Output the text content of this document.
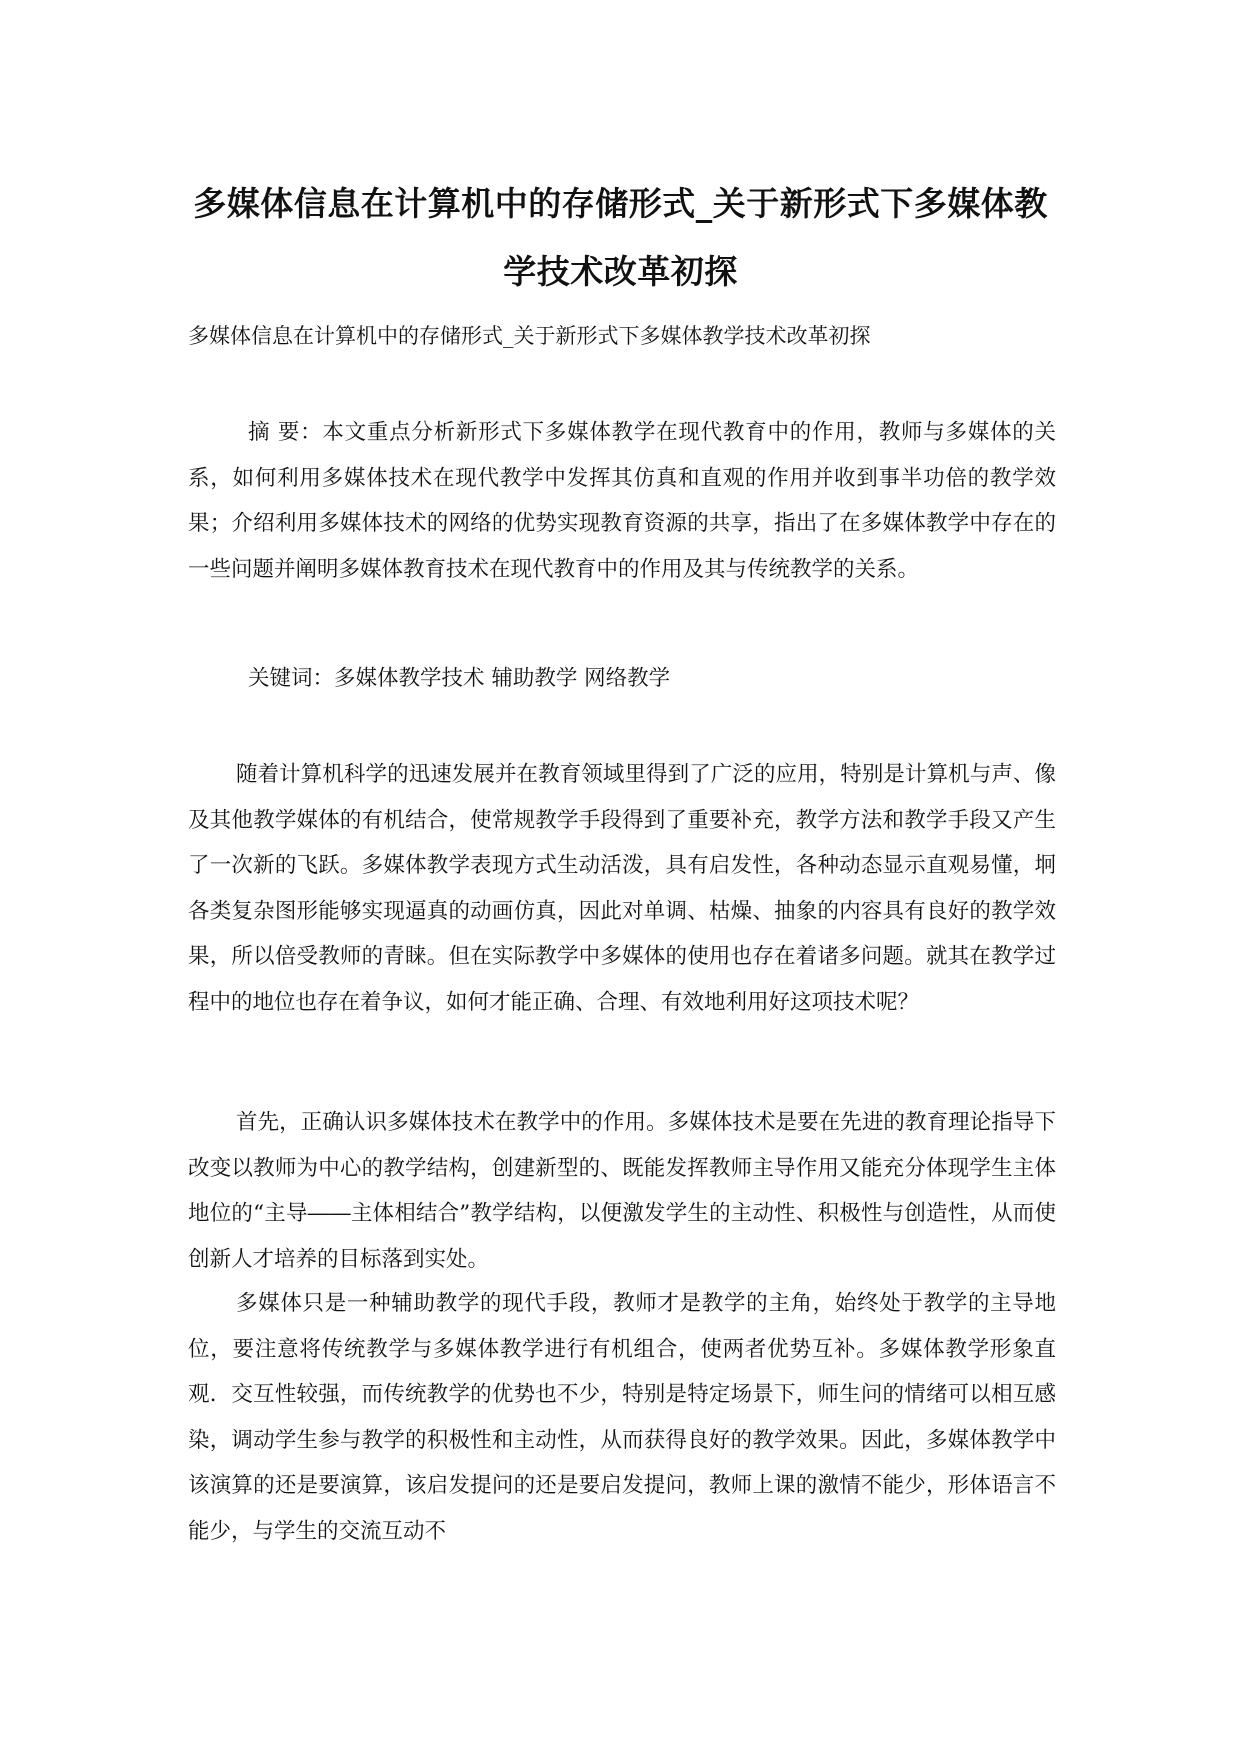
多媒体信息在计算机中的存储形式_关于新形式下多媒体教
学技术改革初探

多媒体信息在计算机中的存储形式_关于新形式下多媒体教学技术改革初探

摘 要：本文重点分析新形式下多媒体教学在现代教育中的作用，教师与多媒体的关系，如何利用多媒体技术在现代教学中发挥其仿真和直观的作用并收到事半功倍的教学效果；介绍利用多媒体技术的网络的优势实现教育资源的共享，指出了在多媒体教学中存在的一些问题并阐明多媒体教育技术在现代教育中的作用及其与传统教学的关系。

关键词：多媒体教学技术 辅助教学 网络教学

随着计算机科学的迅速发展并在教育领域里得到了广泛的应用，特别是计算机与声、像及其他教学媒体的有机结合，使常规教学手段得到了重要补充，教学方法和教学手段又产生了一次新的飞跃。多媒体教学表现方式生动活泼，具有启发性，各种动态显示直观易懂，坰各类复杂图形能够实现逼真的动画仿真，因此对单调、枯燥、抽象的内容具有良好的教学效果，所以倍受教师的青睐。但在实际教学中多媒体的使用也存在着诸多问题。就其在教学过程中的地位也存在着争议，如何才能正确、合理、有效地利用好这项技术呢？

首先，正确认识多媒体技术在教学中的作用。多媒体技术是要在先进的教育理论指导下改变以教师为中心的教学结构，创建新型的、既能发挥教师主导作用又能充分体现学生主体地位的“主导――主体相结合”教学结构，以便激发学生的主动性、积极性与创造性，从而使创新人才培养的目标落到实处。

多媒体只是一种辅助教学的现代手段，教师才是教学的主角，始终处于教学的主导地位，要注意将传统教学与多媒体教学进行有机组合，使两者优势互补。多媒体教学形象直观．交互性较强，而传统教学的优势也不少，特别是特定场景下，师生问的情绪可以相互感染，调动学生参与教学的积极性和主动性，从而获得良好的教学效果。因此，多媒体教学中该演算的还是要演算，该启发提问的还是要启发提问，教师上课的激情不能少，形体语言不能少，与学生的交流互动不
